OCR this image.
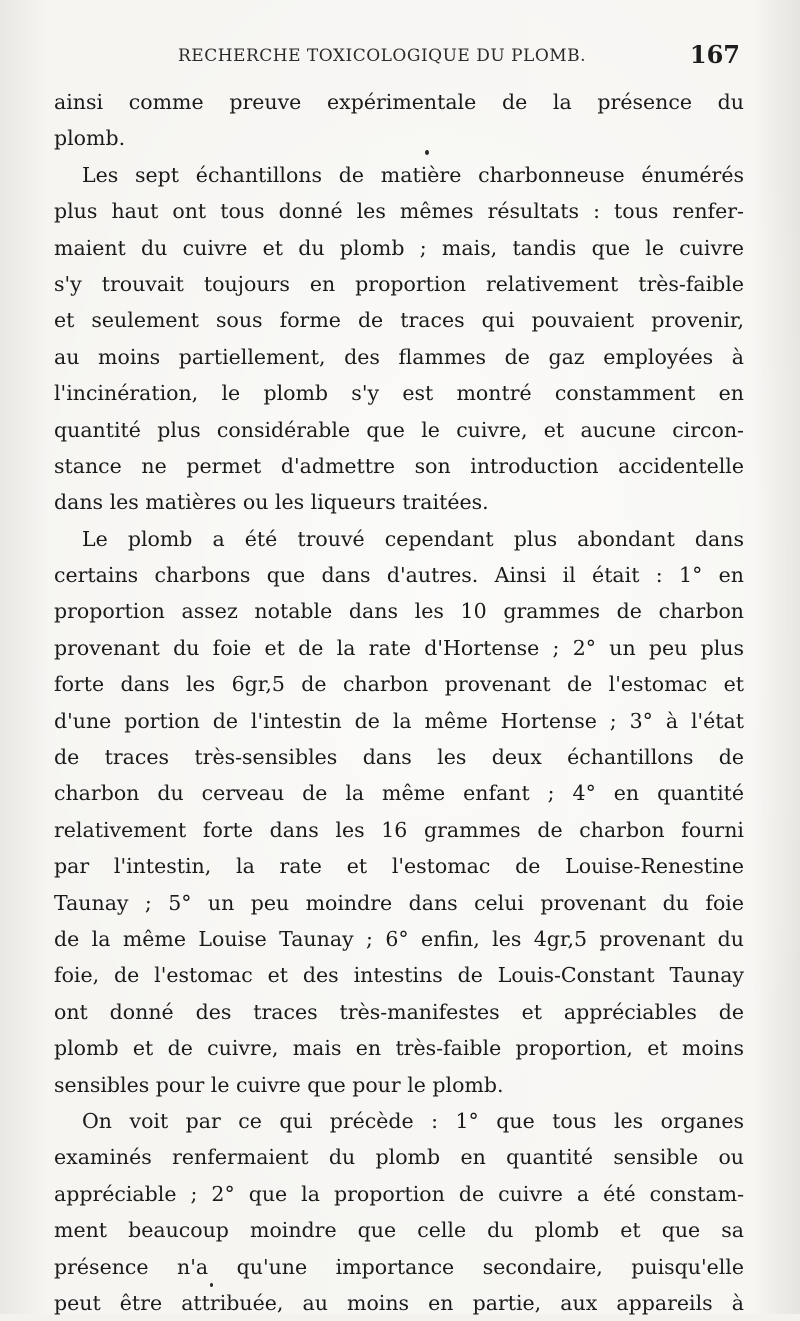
RECHERCHE TOXICOLOGIQUE DU PLOMB.	167
ainsi comme preuve expérimentale de la présence du
plomb.
Les sept échantillons de matière charbonneuse énumérés
plus haut ont tous donné les mêmes résultats : tous renfer-
maient du cuivre et du plomb ; mais, tandis que le cuivre
s'y trouvait toujours en proportion relativement très-faible
et seulement sous forme de traces qui pouvaient provenir,
au moins partiellement, des flammes de gaz employées à
l'incinération, le plomb s'y est montré constamment en
quantité plus considérable que le cuivre, et aucune circon-
stance ne permet d'admettre son introduction accidentelle
dans les matières ou les liqueurs traitées.
Le plomb a été trouvé cependant plus abondant dans
certains charbons que dans d'autres. Ainsi il était : 1° en
proportion assez notable dans les 10 grammes de charbon
provenant du foie et de la rate d'Hortense ; 2° un peu plus
forte dans les 6gr,5 de charbon provenant de l'estomac et
d'une portion de l'intestin de la même Hortense ; 3° à l'état
de traces très-sensibles dans les deux échantillons de
charbon du cerveau de la même enfant ; 4° en quantité
relativement forte dans les 16 grammes de charbon fourni
par l'intestin, la rate et l'estomac de Louise-Renestine
Taunay ; 5° un peu moindre dans celui provenant du foie
de la même Louise Taunay ; 6° enfin, les 4gr,5 provenant du
foie, de l'estomac et des intestins de Louis-Constant Taunay
ont donné des traces très-manifestes et appréciables de
plomb et de cuivre, mais en très-faible proportion, et moins
sensibles pour le cuivre que pour le plomb.
On voit par ce qui précède : 1° que tous les organes
examinés renfermaient du plomb en quantité sensible ou
appréciable ; 2° que la proportion de cuivre a été constam-
ment beaucoup moindre que celle du plomb et que sa
présence n'a qu'une importance secondaire, puisqu'elle
peut être attribuée, au moins en partie, aux appareils à
